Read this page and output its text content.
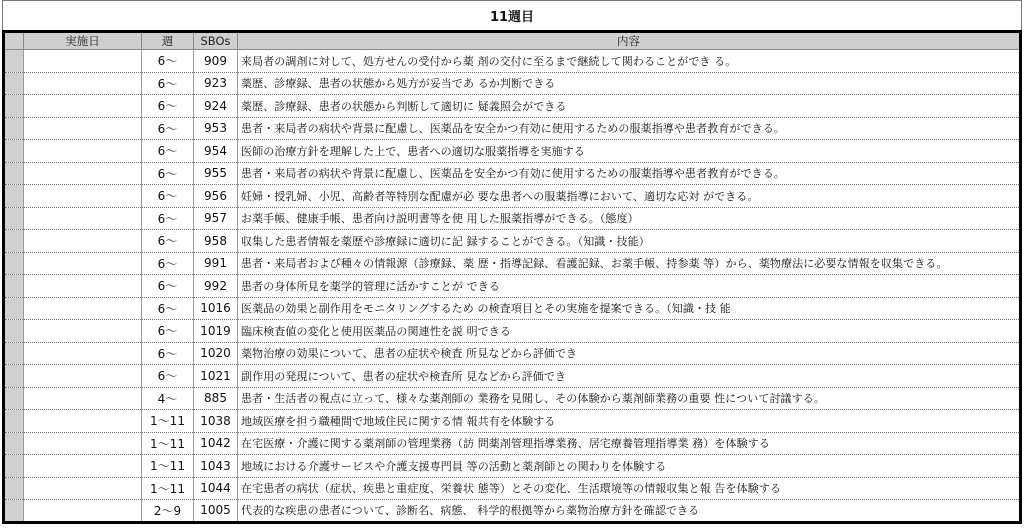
11週目
	実施日	週	SBOs	内容
		6〜	909	来局者の調剤に対して、処方せんの受付から薬 剤の交付に至るまで継続して関わることができ る。
		6〜	923	薬歴、診療録、患者の状態から処方が妥当であ るか判断できる
		6〜	924	薬歴、診療録、患者の状態から判断して適切に 疑義照会ができる
		6〜	953	患者・来局者の病状や背景に配慮し、医薬品を安全かつ有効に使用するための服薬指導や患者教育ができる。
		6〜	954	医師の治療方針を理解した上で、患者への適切な服薬指導を実施する
		6〜	955	患者・来局者の病状や背景に配慮し、医薬品を安全かつ有効に使用するための服薬指導や患者教育ができる。
		6〜	956	妊婦・授乳婦、小児、高齢者等特別な配慮が必 要な患者への服薬指導において、適切な応対 ができる。
		6〜	957	お薬手帳、健康手帳、患者向け説明書等を使 用した服薬指導ができる。（態度）
		6〜	958	収集した患者情報を薬歴や診療録に適切に記 録することができる。（知識・技能）
		6〜	991	患者・来局者および種々の情報源（診療録、薬 歴・指導記録、看護記録、お薬手帳、持参薬 等）から、薬物療法に必要な情報を収集できる。
		6〜	992	患者の身体所見を薬学的管理に活かすことが できる
		6〜	1016	医薬品の効果と副作用をモニタリングするため の検査項目とその実施を提案できる。（知識・技 能
		6〜	1019	臨床検査値の変化と使用医薬品の関連性を説 明できる
		6〜	1020	薬物治療の効果について、患者の症状や検査 所見などから評価でき
		6〜	1021	副作用の発現について、患者の症状や検査所 見などから評価でき
		4〜	885	患者・生活者の視点に立って、様々な薬剤師の 業務を見聞し、その体験から薬剤師業務の重要 性について討議する。
		1〜11	1038	地域医療を担う職種間で地域住民に関する情 報共有を体験する
		1〜11	1042	在宅医療・介護に関する薬剤師の管理業務（訪 問薬剤管理指導業務、居宅療養管理指導業 務）を体験する
		1〜11	1043	地域における介護サービスや介護支援専門員 等の活動と薬剤師との関わりを体験する
		1〜11	1044	在宅患者の病状（症状、疾患と重症度、栄養状 態等）とその変化、生活環境等の情報収集と報 告を体験する
		2〜9	1005	代表的な疾患の患者について、診断名、病態、 科学的根拠等から薬物治療方針を確認できる
